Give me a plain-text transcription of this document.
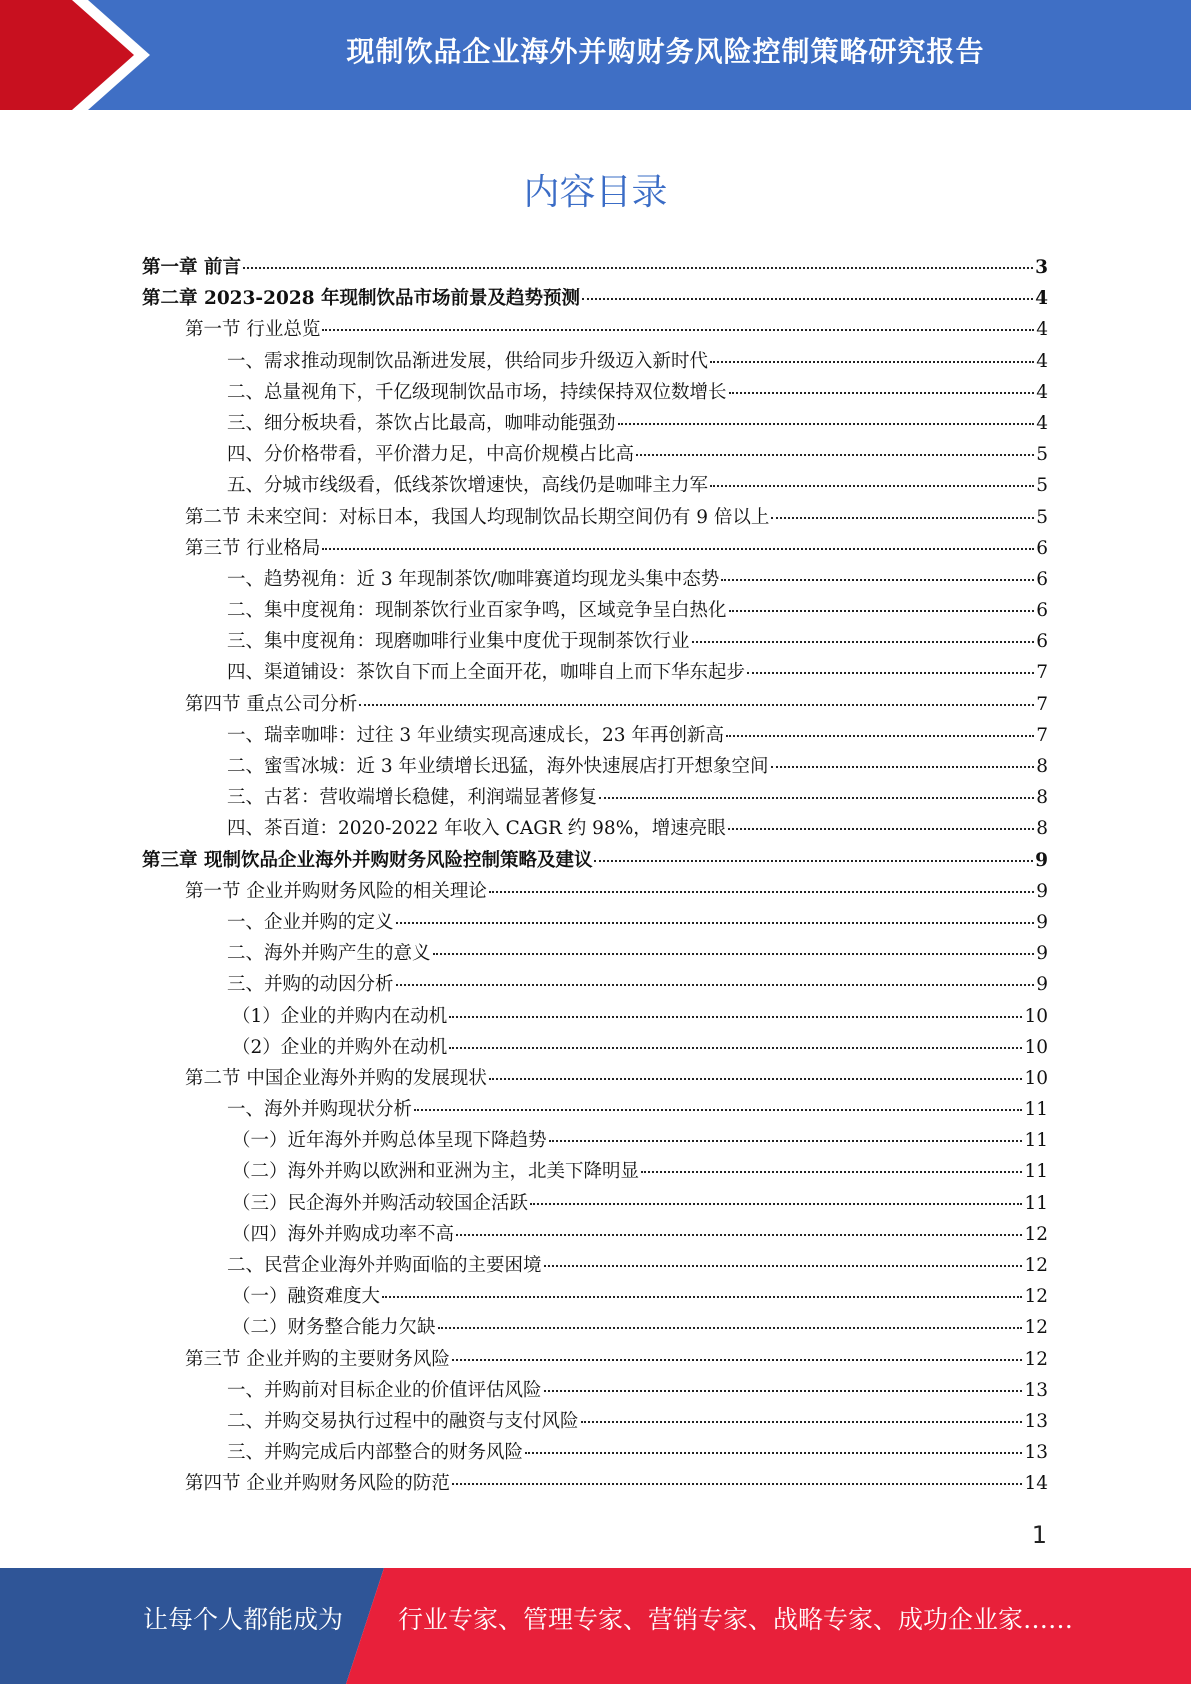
现制饮品企业海外并购财务风险控制策略研究报告
内容目录
第一章 前言	3
第二章 2023-2028 年现制饮品市场前景及趋势预测	4
第一节 行业总览	4
一、需求推动现制饮品渐进发展，供给同步升级迈入新时代	4
二、总量视角下，千亿级现制饮品市场，持续保持双位数增长	4
三、细分板块看，茶饮占比最高，咖啡动能强劲	4
四、分价格带看，平价潜力足，中高价规模占比高	5
五、分城市线级看，低线茶饮增速快，高线仍是咖啡主力军	5
第二节 未来空间：对标日本，我国人均现制饮品长期空间仍有 9 倍以上	5
第三节 行业格局	6
一、趋势视角：近 3 年现制茶饮/咖啡赛道均现龙头集中态势	6
二、集中度视角：现制茶饮行业百家争鸣，区域竞争呈白热化	6
三、集中度视角：现磨咖啡行业集中度优于现制茶饮行业	6
四、渠道铺设：茶饮自下而上全面开花，咖啡自上而下华东起步	7
第四节 重点公司分析	7
一、瑞幸咖啡：过往 3 年业绩实现高速成长，23 年再创新高	7
二、蜜雪冰城：近 3 年业绩增长迅猛，海外快速展店打开想象空间	8
三、古茗：营收端增长稳健，利润端显著修复	8
四、茶百道：2020-2022 年收入 CAGR 约 98%，增速亮眼	8
第三章 现制饮品企业海外并购财务风险控制策略及建议	9
第一节 企业并购财务风险的相关理论	9
一、企业并购的定义	9
二、海外并购产生的意义	9
三、并购的动因分析	9
（1）企业的并购内在动机	10
（2）企业的并购外在动机	10
第二节 中国企业海外并购的发展现状	10
一、海外并购现状分析	11
（一）近年海外并购总体呈现下降趋势	11
（二）海外并购以欧洲和亚洲为主，北美下降明显	11
（三）民企海外并购活动较国企活跃	11
（四）海外并购成功率不高	12
二、民营企业海外并购面临的主要困境	12
（一）融资难度大	12
（二）财务整合能力欠缺	12
第三节 企业并购的主要财务风险	12
一、并购前对目标企业的价值评估风险	13
二、并购交易执行过程中的融资与支付风险	13
三、并购完成后内部整合的财务风险	13
第四节 企业并购财务风险的防范	14
1
让每个人都能成为 行业专家、管理专家、营销专家、战略专家、成功企业家……
